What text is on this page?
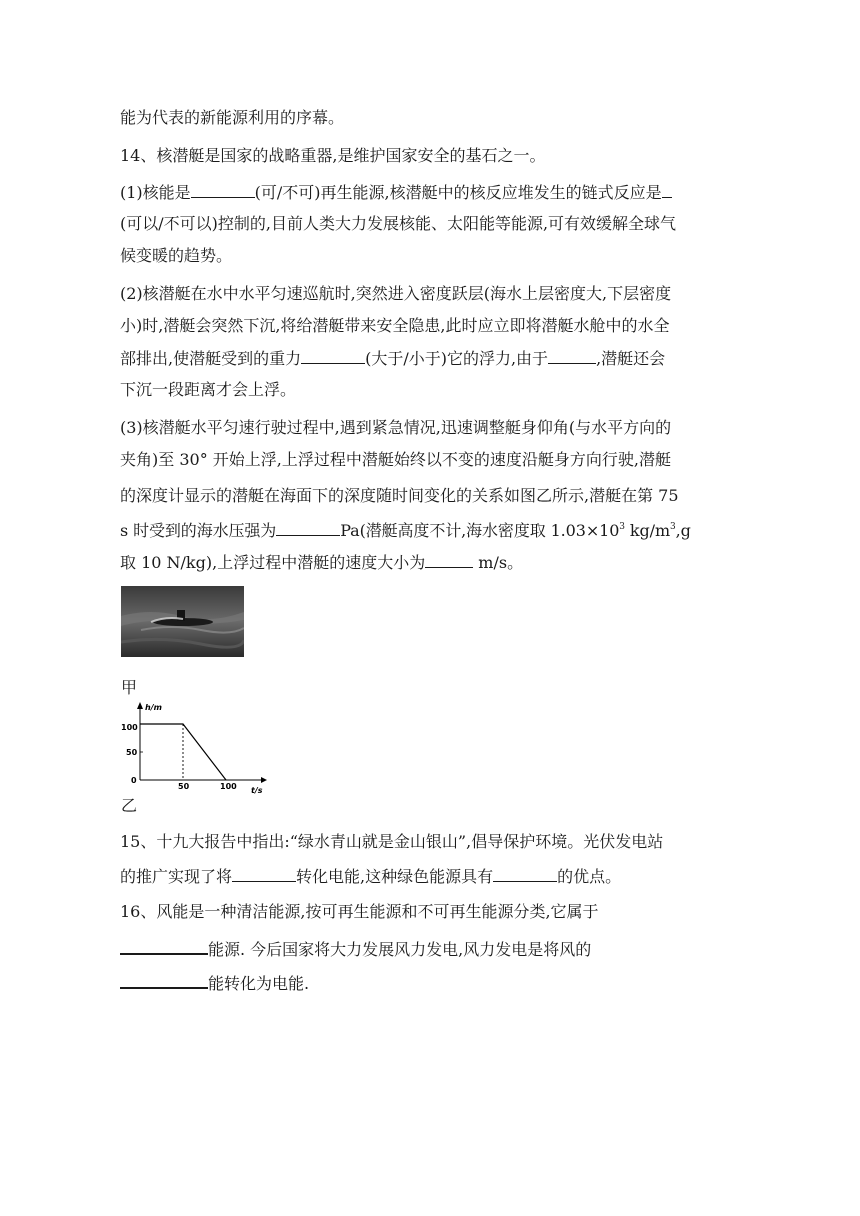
能为代表的新能源利用的序幕。
14、核潜艇是国家的战略重器,是维护国家安全的基石之一。
(1)核能是	(可/不可)再生能源,核潜艇中的核反应堆发生的链式反应是
(可以/不可以)控制的,目前人类大力发展核能、太阳能等能源,可有效缓解全球气
候变暖的趋势。
(2)核潜艇在水中水平匀速巡航时,突然进入密度跃层(海水上层密度大,下层密度
小)时,潜艇会突然下沉,将给潜艇带来安全隐患,此时应立即将潜艇水舱中的水全
部排出,使潜艇受到的重力	(大于/小于)它的浮力,由于	,潜艇还会
下沉一段距离才会上浮。
(3)核潜艇水平匀速行驶过程中,遇到紧急情况,迅速调整艇身仰角(与水平方向的
夹角)至 30° 开始上浮,上浮过程中潜艇始终以不变的速度沿艇身方向行驶,潜艇
的深度计显示的潜艇在海面下的深度随时间变化的关系如图乙所示,潜艇在第 75
s 时受到的海水压强为	Pa(潜艇高度不计,海水密度取 $1.03\times 10^3$ $kg/m^3,g$
取 10 N/kg),上浮过程中潜艇的速度大小为	m/s。
甲
h/m
t/s
100
50
0
50	100
乙
15、十九大报告中指出:“绿水青山就是金山银山”,倡导保护环境。光伏发电站
的推广实现了将	转化电能,这种绿色能源具有	的优点。
16、风能是一种清洁能源,按可再生能源和不可再生能源分类,它属于
能源. 今后国家将大力发展风力发电,风力发电是将风的
能转化为电能.
